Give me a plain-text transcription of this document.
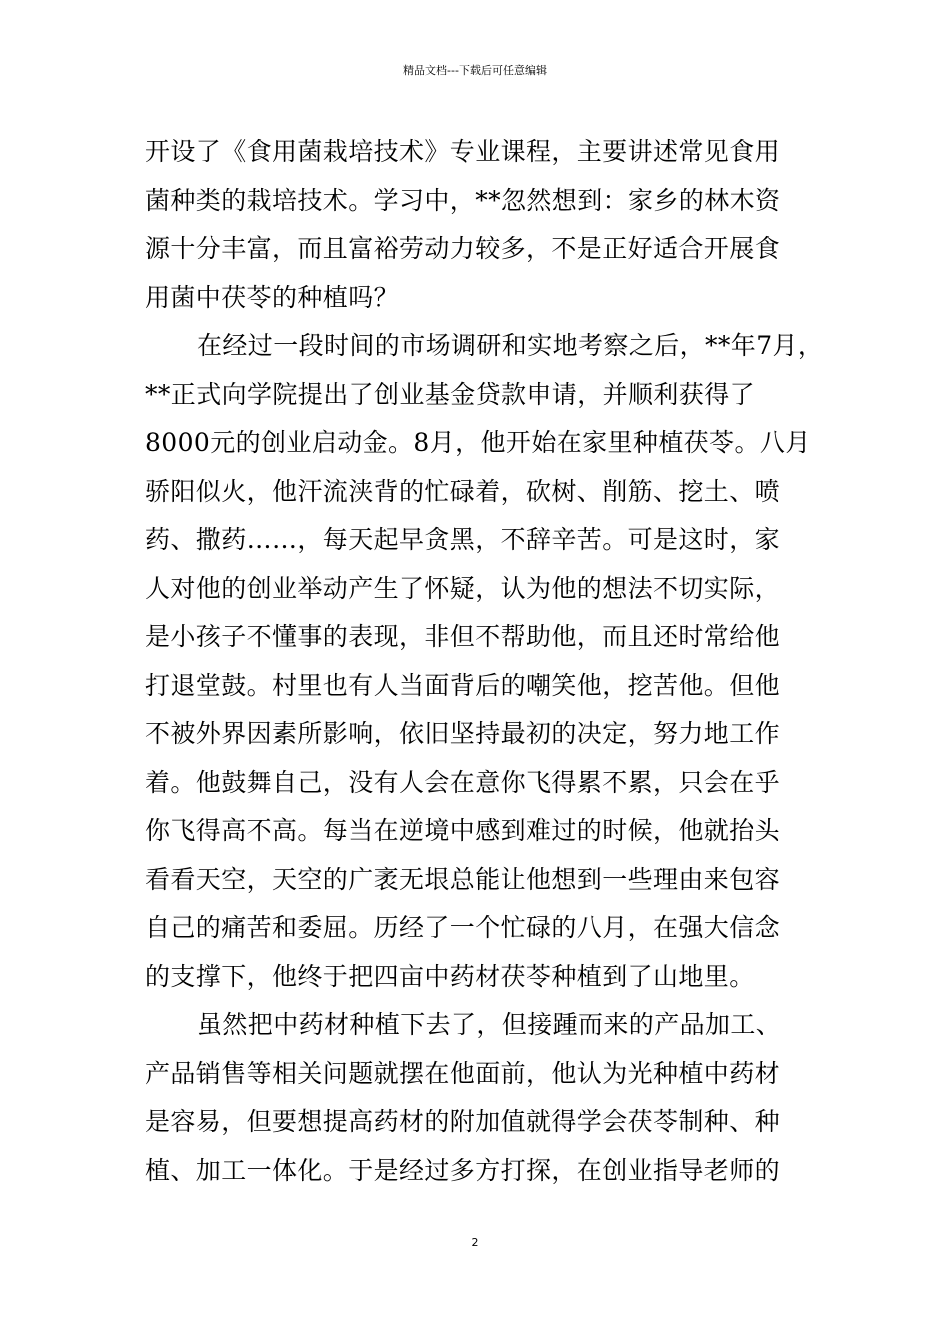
精品文档---下载后可任意编辑
开设了《食用菌栽培技术》专业课程，主要讲述常见食用
菌种类的栽培技术。学习中，**忽然想到：家乡的林木资
源十分丰富，而且富裕劳动力较多，不是正好适合开展食
用菌中茯苓的种植吗？
在经过一段时间的市场调研和实地考察之后，**年7月，
**正式向学院提出了创业基金贷款申请，并顺利获得了
8000元的创业启动金。8月，他开始在家里种植茯苓。八月
骄阳似火，他汗流浃背的忙碌着，砍树、削筋、挖土、喷
药、撒药……，每天起早贪黑，不辞辛苦。可是这时，家
人对他的创业举动产生了怀疑，认为他的想法不切实际，
是小孩子不懂事的表现，非但不帮助他，而且还时常给他
打退堂鼓。村里也有人当面背后的嘲笑他，挖苦他。但他
不被外界因素所影响，依旧坚持最初的决定，努力地工作
着。他鼓舞自己，没有人会在意你飞得累不累，只会在乎
你飞得高不高。每当在逆境中感到难过的时候，他就抬头
看看天空，天空的广袤无垠总能让他想到一些理由来包容
自己的痛苦和委屈。历经了一个忙碌的八月，在强大信念
的支撑下，他终于把四亩中药材茯苓种植到了山地里。
虽然把中药材种植下去了，但接踵而来的产品加工、
产品销售等相关问题就摆在他面前，他认为光种植中药材
是容易，但要想提高药材的附加值就得学会茯苓制种、种
植、加工一体化。于是经过多方打探，在创业指导老师的
2
